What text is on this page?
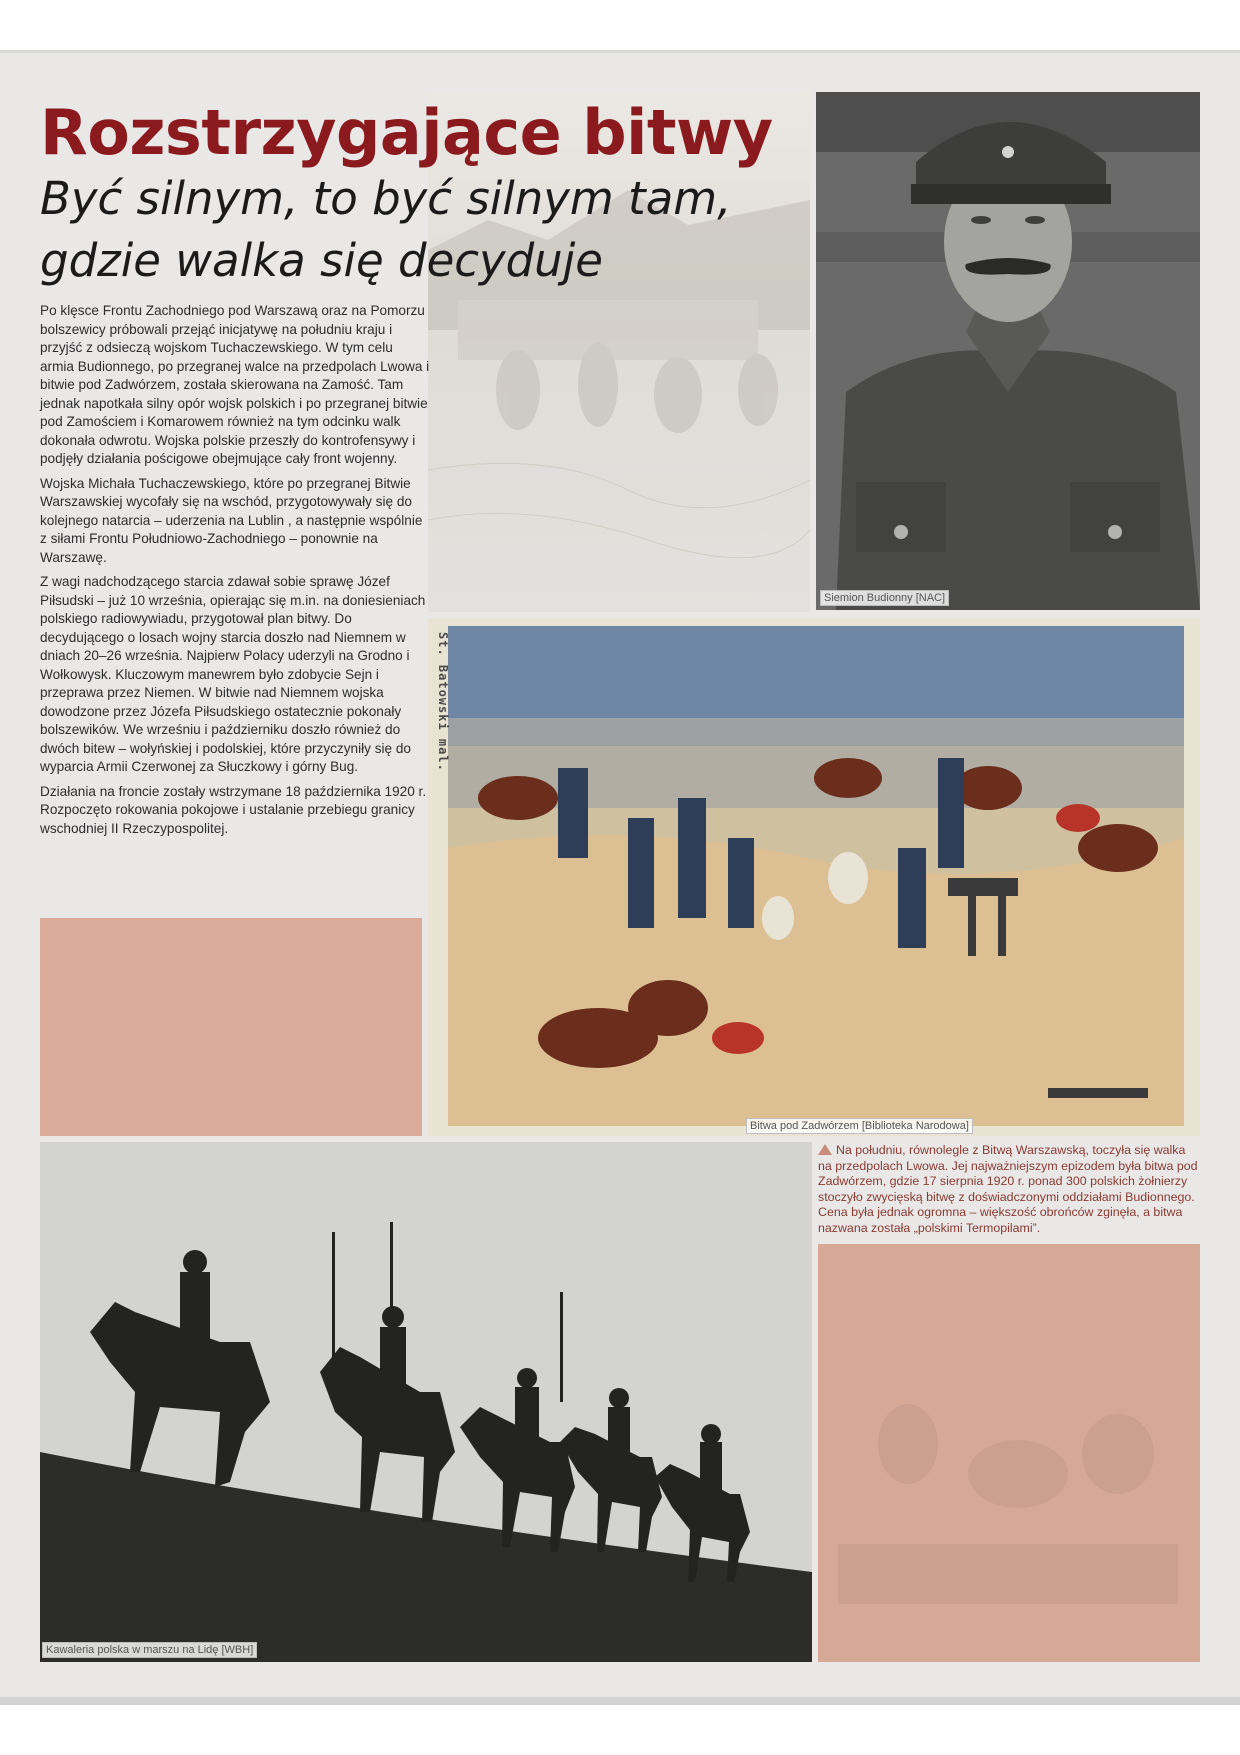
Rozstrzygające bitwy
Być silnym, to być silnym tam, gdzie walka się decyduje

Po klęsce Frontu Zachodniego pod Warszawą oraz na Pomorzu bolszewicy próbowali przejąć inicjatywę na południu kraju i przyjść z odsieczą wojskom Tuchaczewskiego. W tym celu armia Budionnego, po przegranej walce na przedpolach Lwowa i bitwie pod Zadwórzem, została skierowana na Zamość. Tam jednak napotkała silny opór wojsk polskich i po przegranej bitwie pod Zamościem i Komarowem również na tym odcinku walk dokonała odwrotu. Wojska polskie przeszły do kontrofensywy i podjęły działania pościgowe obejmujące cały front wojenny.

Wojska Michała Tuchaczewskiego, które po przegranej Bitwie Warszawskiej wycofały się na wschód, przygotowywały się do kolejnego natarcia – uderzenia na Lublin , a następnie wspólnie z siłami Frontu Południowo-Zachodniego – ponownie na Warszawę.

Z wagi nadchodzącego starcia zdawał sobie sprawę Józef Piłsudski – już 10 września, opierając się m.in. na doniesieniach polskiego radiowywiadu, przygotował plan bitwy. Do decydującego o losach wojny starcia doszło nad Niemnem w dniach 20–26 września. Najpierw Polacy uderzyli na Grodno i Wołkowysk. Kluczowym manewrem było zdobycie Sejn i przeprawa przez Niemen. W bitwie nad Niemnem wojska dowodzone przez Józefa Piłsudskiego ostatecznie pokonały bolszewików. We wrześniu i październiku doszło również do dwóch bitew – wołyńskiej i podolskiej, które przyczyniły się do wyparcia Armii Czerwonej za Słuczkowy i górny Bug.

Działania na froncie zostały wstrzymane 18 października 1920 r. Rozpoczęto rokowania pokojowe i ustalanie przebiegu granicy wschodniej II Rzeczypospolitej.

Siemion Budionny [NAC]
Bitwa pod Zadwórzem [Biblioteka Narodowa]
St. Batowski mal.
Kawaleria polska w marszu na Lidę [WBH]
Na południu, równolegle z Bitwą Warszawską, toczyła się walka na przedpolach Lwowa. Jej najważniejszym epizodem była bitwa pod Zadwórzem, gdzie 17 sierpnia 1920 r. ponad 300 polskich żołnierzy stoczyło zwycięską bitwę z doświadczonymi oddziałami Budionnego. Cena była jednak ogromna – większość obrońców zginęła, a bitwa nazwana została „polskimi Termopilami”.
